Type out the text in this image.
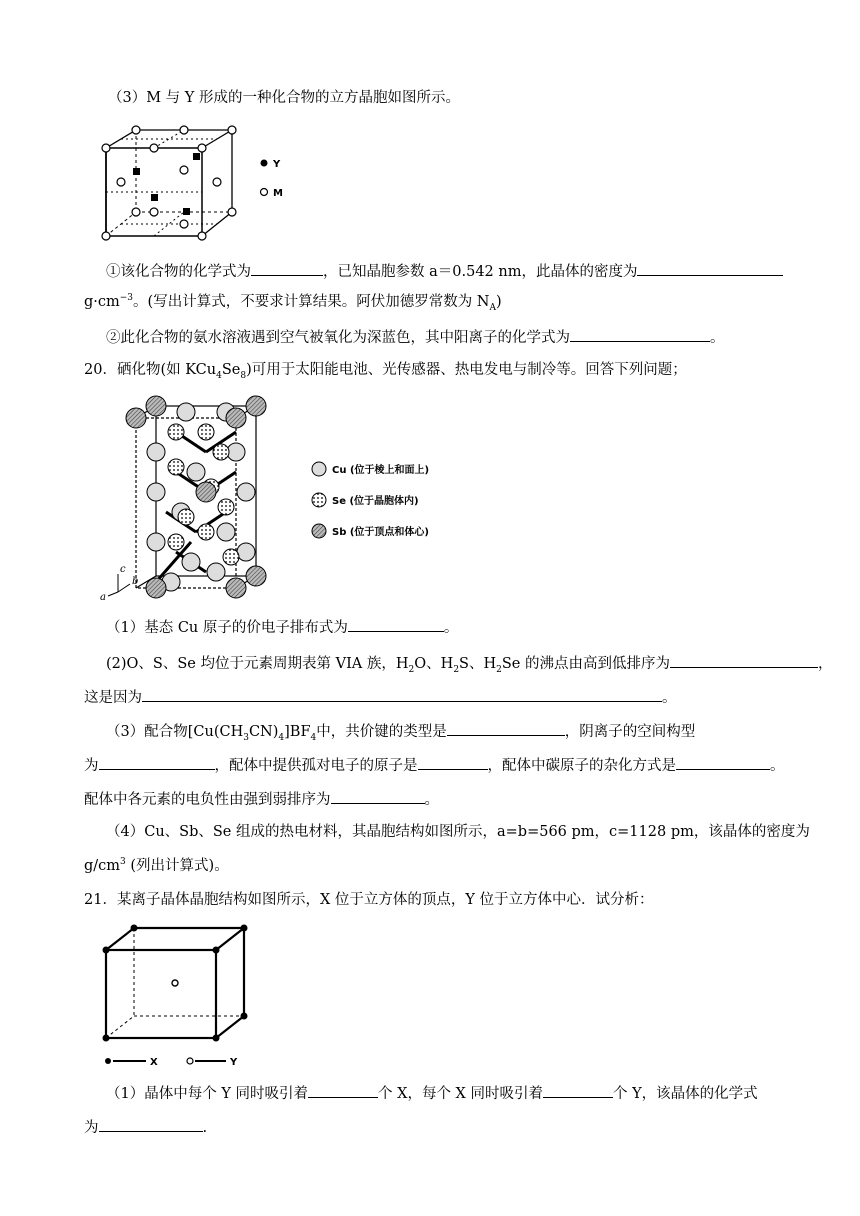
（3）M 与 Y 形成的一种化合物的立方晶胞如图所示。
Y
M
①该化合物的化学式为	，已知晶胞参数 a＝0.542 nm，此晶体的密度为
$g\cdot cm^{-3}$。(写出计算式，不要求计算结果。阿伏加德罗常数为 $N_A$)
②此化合物的氨水溶液遇到空气被氧化为深蓝色，其中阳离子的化学式为	。
20．硒化物(如 $KCu_4Se_8$)可用于太阳能电池、光传感器、热电发电与制冷等。回答下列问题；
c
b
a
Cu (位于棱上和面上)
Se (位于晶胞体内)
Sb (位于顶点和体心)
（1）基态 Cu 原子的价电子排布式为	。
(2)O、S、Se 均位于元素周期表第 VIA 族，$H_2O$、$H_2S$、$H_2Se$ 的沸点由高到低排序为	，
这是因为	。
（3）配合物$[Cu(CH_3CN)_4]BF_4$中，共价键的类型是	，阴离子的空间构型
为	，配体中提供孤对电子的原子是	，配体中碳原子的杂化方式是	。
配体中各元素的电负性由强到弱排序为	。
（4）Cu、Sb、Se 组成的热电材料，其晶胞结构如图所示，a=b=566 pm，c=1128 pm，该晶体的密度为
$g/cm^3$ (列出计算式)。
21．某离子晶体晶胞结构如图所示，X 位于立方体的顶点，Y 位于立方体中心．试分析：
X	Y
（1）晶体中每个 Y 同时吸引着	个 X，每个 X 同时吸引着	个 Y，该晶体的化学式
为	.
